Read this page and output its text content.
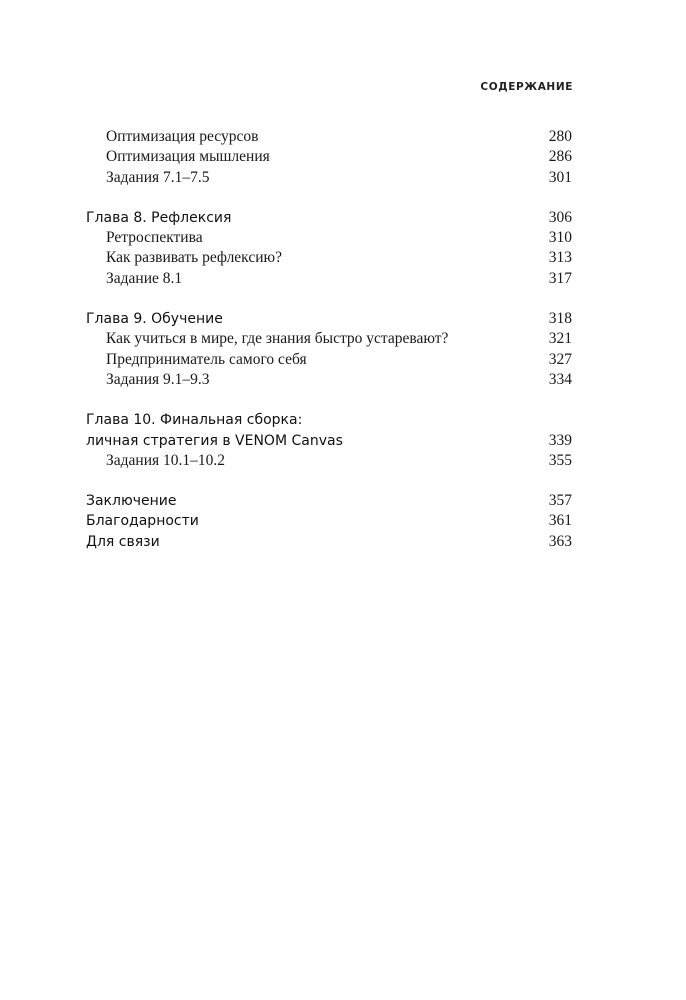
СОДЕРЖАНИЕ
Оптимизация ресурсов	280
Оптимизация мышления	286
Задания 7.1–7.5	301
Глава 8. Рефлексия	306
Ретроспектива	310
Как развивать рефлексию?	313
Задание 8.1	317
Глава 9. Обучение	318
Как учиться в мире, где знания быстро устаревают?	321
Предприниматель самого себя	327
Задания 9.1–9.3	334
Глава 10. Финальная сборка:
личная стратегия в VENOM Canvas	339
Задания 10.1–10.2	355
Заключение	357
Благодарности	361
Для связи	363
